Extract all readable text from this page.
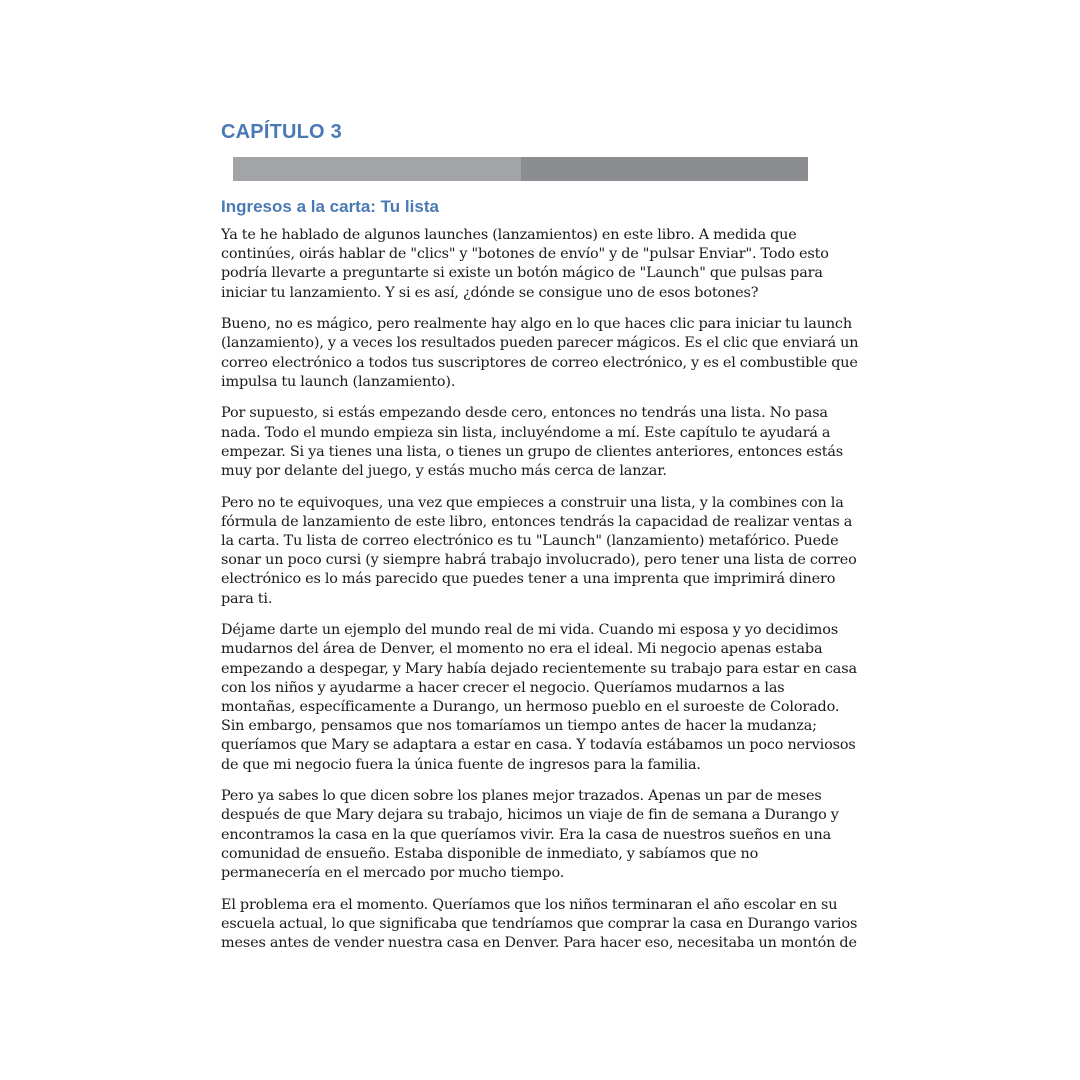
CAPÍTULO 3
Ingresos a la carta: Tu lista

Ya te he hablado de algunos launches (lanzamientos) en este libro. A medida que continúes, oirás hablar de "clics" y "botones de envío" y de "pulsar Enviar". Todo esto podría llevarte a preguntarte si existe un botón mágico de "Launch" que pulsas para iniciar tu lanzamiento. Y si es así, ¿dónde se consigue uno de esos botones?

Bueno, no es mágico, pero realmente hay algo en lo que haces clic para iniciar tu launch (lanzamiento), y a veces los resultados pueden parecer mágicos. Es el clic que enviará un correo electrónico a todos tus suscriptores de correo electrónico, y es el combustible que impulsa tu launch (lanzamiento).

Por supuesto, si estás empezando desde cero, entonces no tendrás una lista. No pasa nada. Todo el mundo empieza sin lista, incluyéndome a mí. Este capítulo te ayudará a empezar. Si ya tienes una lista, o tienes un grupo de clientes anteriores, entonces estás muy por delante del juego, y estás mucho más cerca de lanzar.

Pero no te equivoques, una vez que empieces a construir una lista, y la combines con la fórmula de lanzamiento de este libro, entonces tendrás la capacidad de realizar ventas a la carta. Tu lista de correo electrónico es tu "Launch" (lanzamiento) metafórico. Puede sonar un poco cursi (y siempre habrá trabajo involucrado), pero tener una lista de correo electrónico es lo más parecido que puedes tener a una imprenta que imprimirá dinero para ti.

Déjame darte un ejemplo del mundo real de mi vida. Cuando mi esposa y yo decidimos mudarnos del área de Denver, el momento no era el ideal. Mi negocio apenas estaba empezando a despegar, y Mary había dejado recientemente su trabajo para estar en casa con los niños y ayudarme a hacer crecer el negocio. Queríamos mudarnos a las montañas, específicamente a Durango, un hermoso pueblo en el suroeste de Colorado. Sin embargo, pensamos que nos tomaríamos un tiempo antes de hacer la mudanza; queríamos que Mary se adaptara a estar en casa. Y todavía estábamos un poco nerviosos de que mi negocio fuera la única fuente de ingresos para la familia.

Pero ya sabes lo que dicen sobre los planes mejor trazados. Apenas un par de meses después de que Mary dejara su trabajo, hicimos un viaje de fin de semana a Durango y encontramos la casa en la que queríamos vivir. Era la casa de nuestros sueños en una comunidad de ensueño. Estaba disponible de inmediato, y sabíamos que no permanecería en el mercado por mucho tiempo.

El problema era el momento. Queríamos que los niños terminaran el año escolar en su escuela actual, lo que significaba que tendríamos que comprar la casa en Durango varios meses antes de vender nuestra casa en Denver. Para hacer eso, necesitaba un montón de
